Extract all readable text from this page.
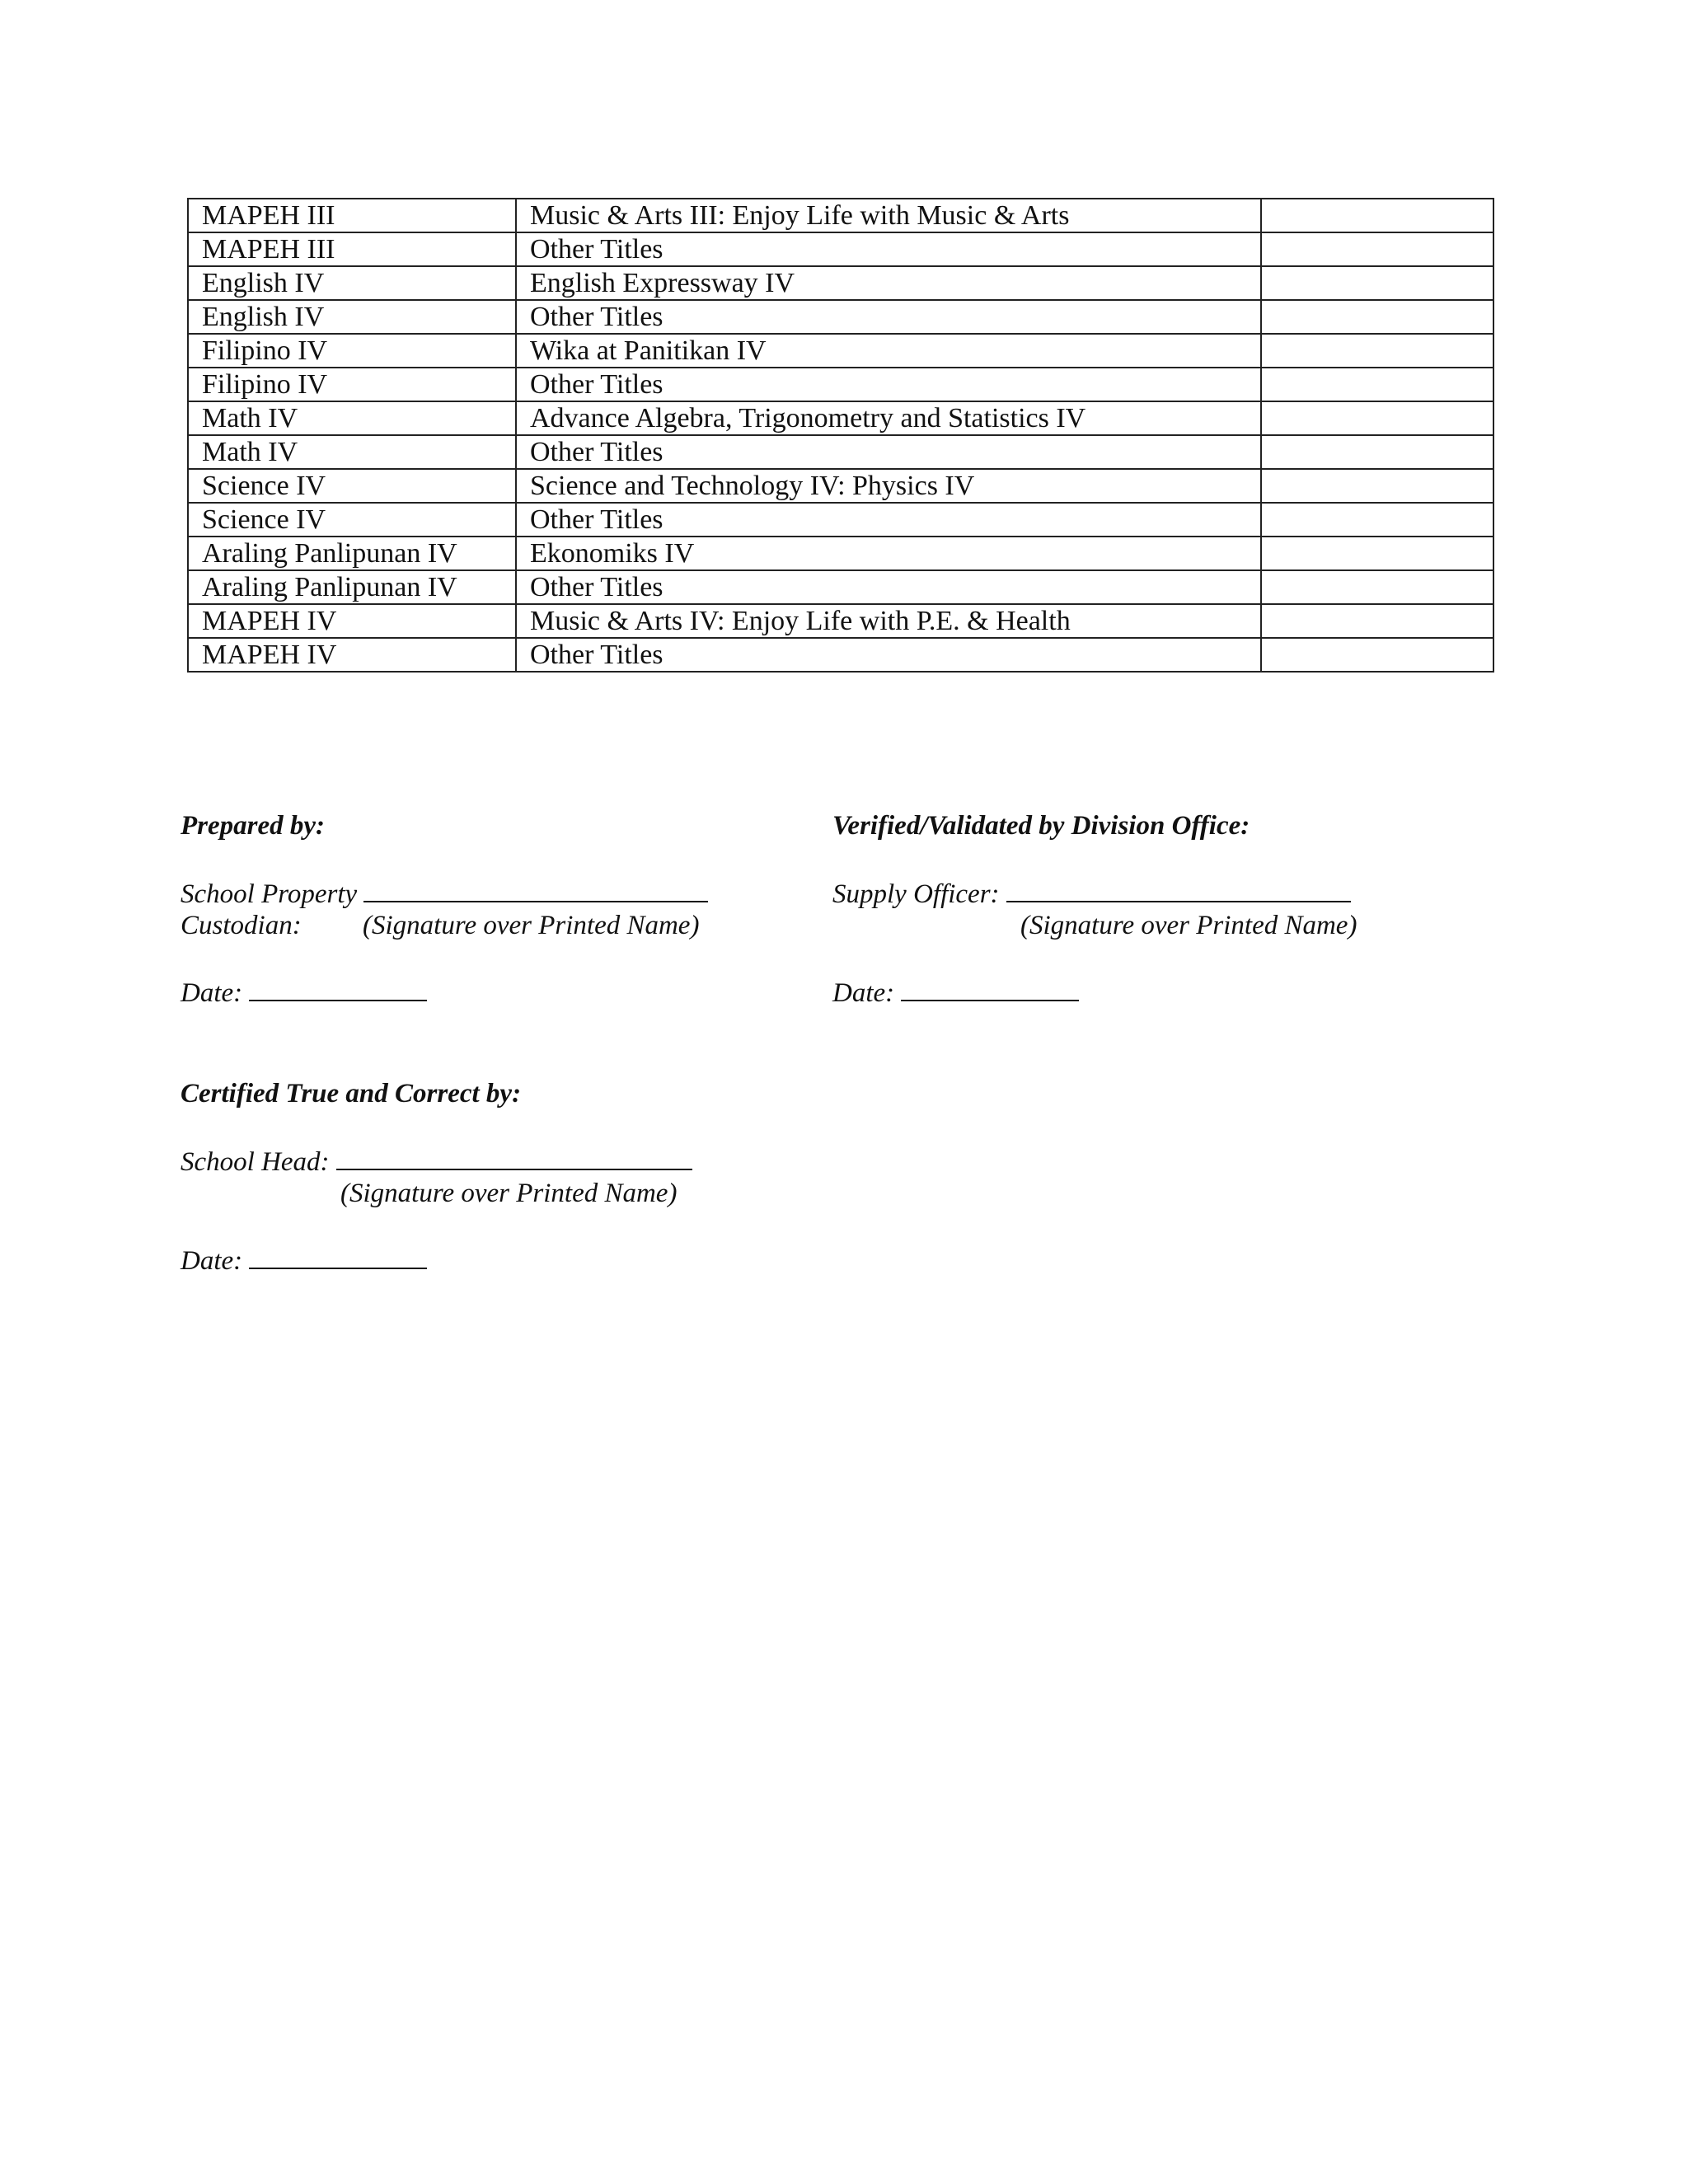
MAPEH III	Music & Arts III: Enjoy Life with Music & Arts	
MAPEH III	Other Titles	
English IV	English Expressway IV	
English IV	Other Titles	
Filipino IV	Wika at Panitikan IV	
Filipino IV	Other Titles	
Math IV	Advance Algebra, Trigonometry and Statistics IV	
Math IV	Other Titles	
Science IV	Science and Technology IV: Physics IV	
Science IV	Other Titles	
Araling Panlipunan IV	Ekonomiks IV	
Araling Panlipunan IV	Other Titles	
MAPEH IV	Music & Arts IV: Enjoy Life with P.E. & Health	
MAPEH IV	Other Titles	
Prepared by:
School Property
Custodian: (Signature over Printed Name)
Date:
Verified/Validated by Division Office:
Supply Officer:
(Signature over Printed Name)
Date:
Certified True and Correct by:
School Head:
(Signature over Printed Name)
Date:
